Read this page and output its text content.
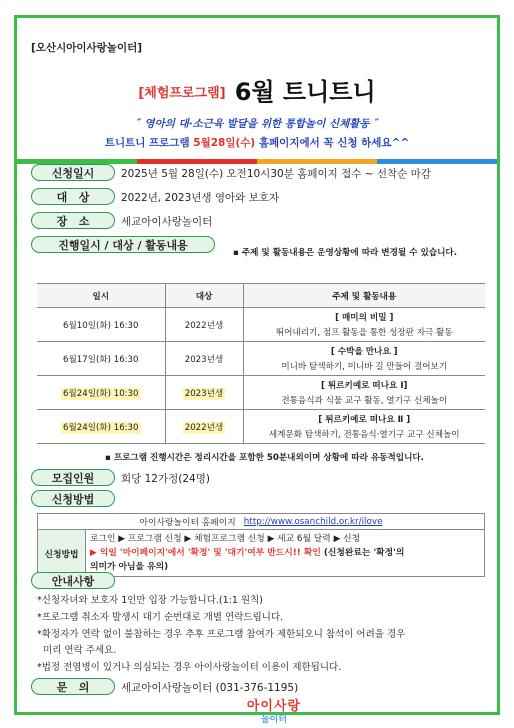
[오산시아이사랑놀이터]
[체험프로그램] 6월 트니트니
˝ 영아의 대·소근육 발달을 위한 통합놀이 신체활동 ˝
트니트니 프로그램 5월28일(수) 홈페이지에서 꼭 신청 하세요^^
신청일시	2025년 5월 28일(수) 오전10시30분 홈페이지 접수 ~ 선착순 마감
대   상	2022년, 2023년생 영아와 보호자
장   소	세교아이사랑놀이터
진행일시 / 대상 / 활동내용
▪ 주제 및 활동내용은 운영상황에 따라 변경될 수 있습니다.
일시	대상	주제 및 활동내용
6월10일(화) 16:30	2022년생	[ 매미의 비밀 ]
뛰어내리기, 점프 활동을 통한 성장판 자극 활동
6월17일(화) 16:30	2023년생	[ 수박을 만나요 ]
미니바 탐색하기, 미니바 길 만들어 걸어보기
6월24일(화) 10:30	2023년생	[ 튀르키예로 떠나요 Ⅰ]
전통음식과 식물 교구 활동, 열기구 신체놀이
6월24일(화) 16:30	2022년생	[ 튀르키예로 떠나요 Ⅱ ]
세계문화 탐색하기, 전통음식·열기구 교구 신체놀이
▪ 프로그램 진행시간은 정리시간을 포함한 50분내외이며 상황에 따라 유동적입니다.
모집인원	회당 12가정(24명)
신청방법
아이사랑놀이터 홈페이지 http://www.osanchild.or.kr/ilove
신청방법
로그인 ▶ 프로그램 신청 ▶ 체험프로그램 신청 ▶ 세교 6월 달력 ▶ 신청
▶ 익일 '마이페이지'에서 '확정' 및 '대기'여부 반드시!! 확인 (신청완료는 '확정'의
의미가 아님을 유의)
안내사항
*신청자녀와 보호자 1인만 입장 가능합니다.(1:1 원칙)
*프로그램 취소자 발생시 대기 순번대로 개별 연락드립니다.
*확정자가 연락 없이 불참하는 경우 추후 프로그램 참여가 제한되오니 참석이 어려울 경우
미리 연락 주세요.
*법정 전염병이 있거나 의심되는 경우 아이사랑놀이터 이용이 제한됩니다.
문   의	세교아이사랑놀이터 (031-376-1195)
아이사랑
놀이터
